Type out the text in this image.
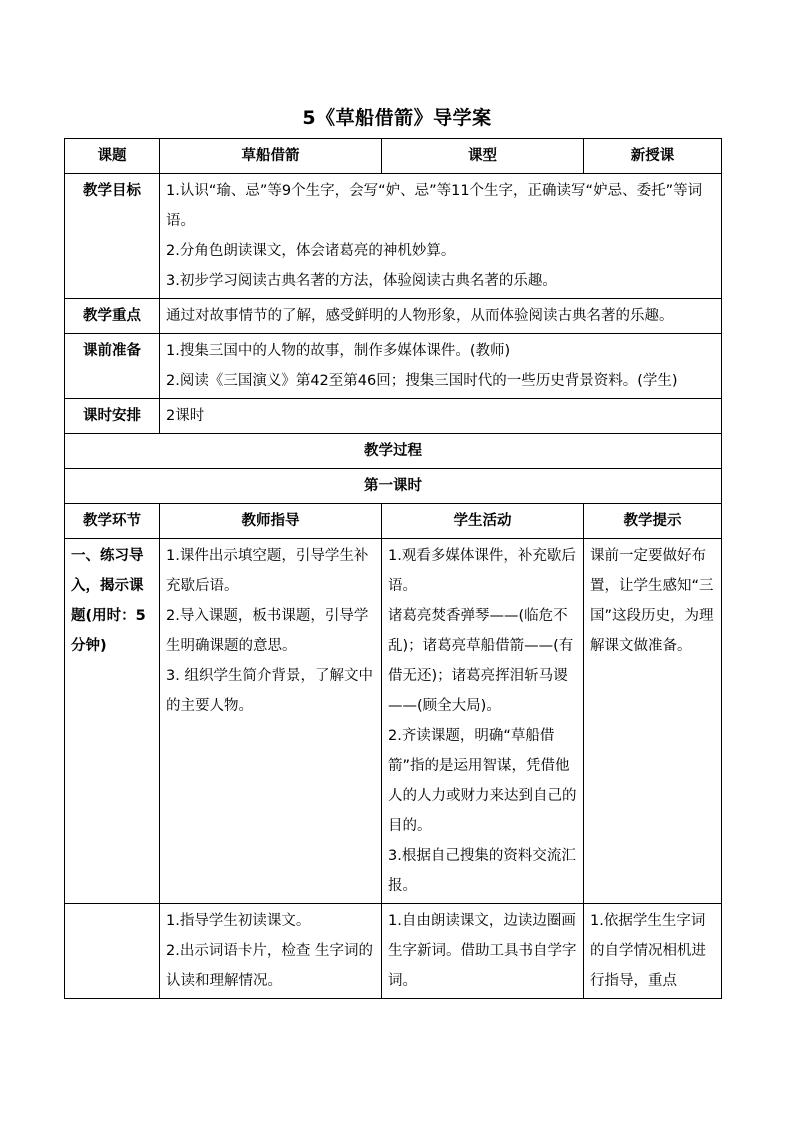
5《草船借箭》导学案
课题	草船借箭	课型	新授课
教学目标	1.认识“瑜、忌”等9个生字，会写“妒、忌”等11个生字，正确读写“妒忌、委托”等词语。
2.分角色朗读课文，体会诸葛亮的神机妙算。
3.初步学习阅读古典名著的方法，体验阅读古典名著的乐趣。		

教学重点	通过对故事情节的了解，感受鲜明的人物形象，从而体验阅读古典名著的乐趣。		
课前准备	1.搜集三国中的人物的故事，制作多媒体课件。(教师)
2.阅读《三国演义》第42至第46回；搜集三国时代的一些历史背景资料。(学生)		

课时安排	2课时		
教学过程			
第一课时			
教学环节	教师指导	学生活动	教学提示
一、练习导入，揭示课题(用时：5分钟)	1.课件出示填空题，引导学生补充歇后语。
2.导入课题，板书课题，引导学生明确课题的意思。
3. 组织学生简介背景，了解文中的主要人物。	1.观看多媒体课件，补充歇后语。
诸葛亮焚香弹琴——(临危不乱)；诸葛亮草船借箭——(有借无还)；诸葛亮挥泪斩马谡——(顾全大局)。
2.齐读课题，明确“草船借箭”指的是运用智谋，凭借他人的人力或财力来达到自己的目的。
3.根据自己搜集的资料交流汇报。	课前一定要做好布置，让学生感知“三国”这段历史，为理解课文做准备。

	1.指导学生初读课文。
2.出示词语卡片，检查 生字词的认读和理解情况。	1.自由朗读课文，边读边圈画生字新词。借助工具书自学字词。	1.依据学生生字词的自学情况相机进行指导，重点
